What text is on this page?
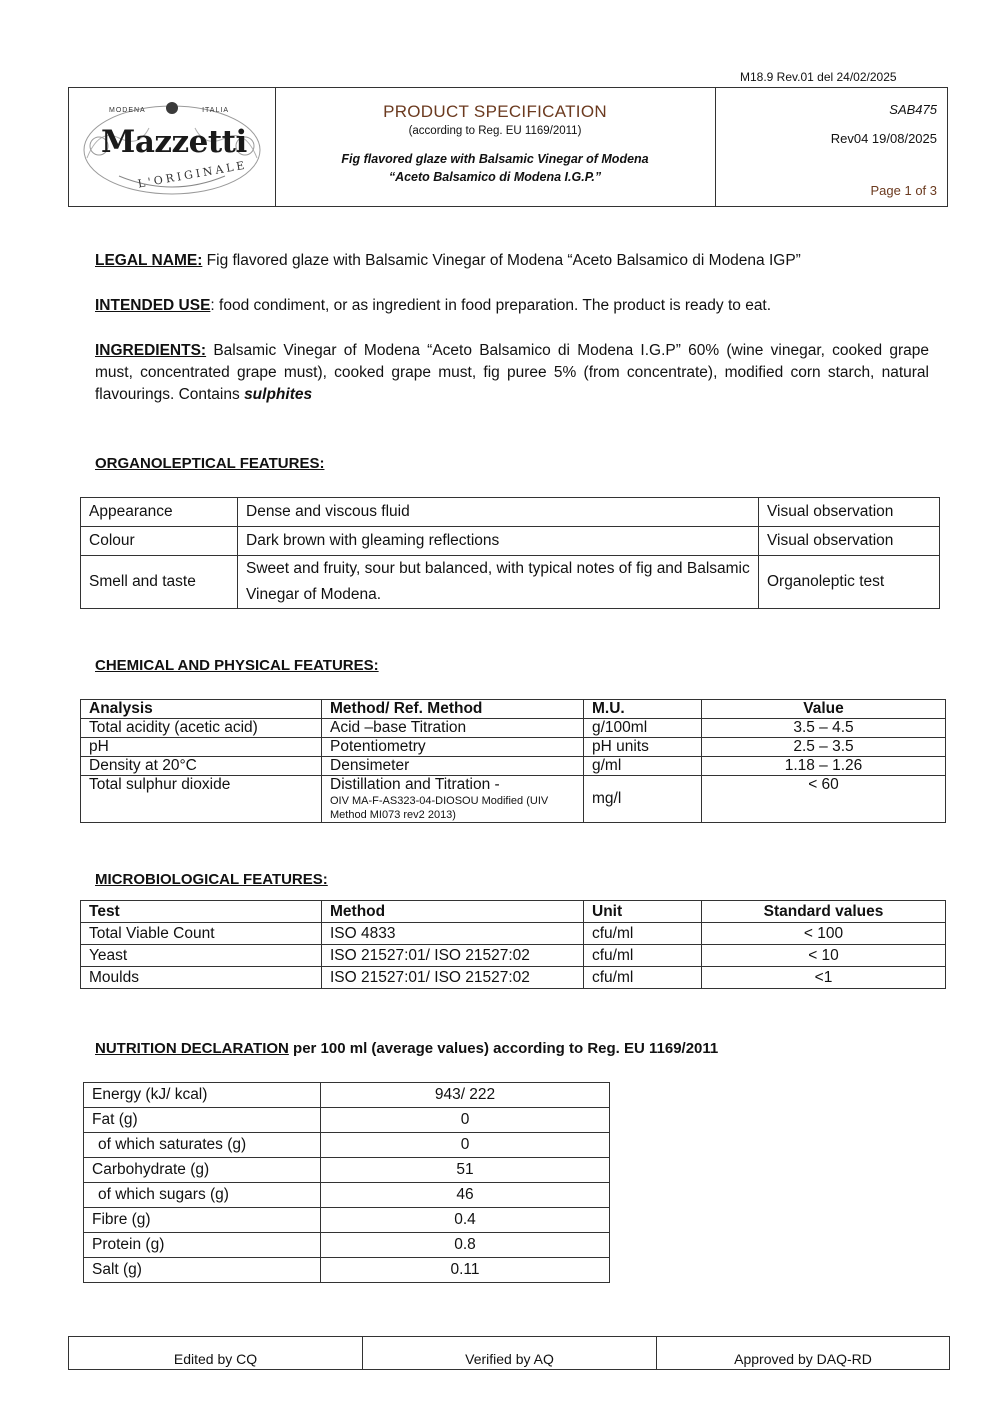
M18.9 Rev.01 del 24/02/2025
MODENA	ITALIA
Mazzetti
L'ORIGINALE
PRODUCT SPECIFICATION
(according to Reg. EU 1169/2011)
Fig flavored glaze with Balsamic Vinegar of Modena
“Aceto Balsamico di Modena I.G.P.”
SAB475
Rev04 19/08/2025
Page 1 of 3
LEGAL NAME: Fig flavored glaze with Balsamic Vinegar of Modena “Aceto Balsamico di Modena IGP”
INTENDED USE: food condiment, or as ingredient in food preparation. The product is ready to eat.
INGREDIENTS: Balsamic Vinegar of Modena “Aceto Balsamico di Modena I.G.P” 60% (wine vinegar, cooked grape must, concentrated grape must), cooked grape must, fig puree 5% (from concentrate), modified corn starch, natural flavourings. Contains sulphites
ORGANOLEPTICAL FEATURES:
Appearance	Dense and viscous fluid	Visual observation
Colour	Dark brown with gleaming reflections	Visual observation
Smell and taste	Sweet and fruity, sour but balanced, with typical notes of fig and Balsamic Vinegar of Modena.	Organoleptic test
CHEMICAL AND PHYSICAL FEATURES:
Analysis	Method/ Ref. Method	M.U.	Value
Total acidity (acetic acid)	Acid –base Titration	g/100ml	3.5 – 4.5
pH	Potentiometry	pH units	2.5 – 3.5
Density at 20°C	Densimeter	g/ml	1.18 – 1.26
Total sulphur dioxide	Distillation and Titration -
OIV MA-F-AS323-04-DIOSOU Modified (UIV Method MI073 rev2 2013)	mg/l	< 60
MICROBIOLOGICAL FEATURES:
Test	Method	Unit	Standard values
Total Viable Count	ISO 4833	cfu/ml	< 100
Yeast	ISO 21527:01/ ISO 21527:02	cfu/ml	< 10
Moulds	ISO 21527:01/ ISO 21527:02	cfu/ml	<1
NUTRITION DECLARATION per 100 ml (average values) according to Reg. EU 1169/2011
Energy (kJ/ kcal)	943/ 222
Fat (g)	0
of which saturates (g)	0
Carbohydrate (g)	51
of which sugars (g)	46
Fibre (g)	0.4
Protein (g)	0.8
Salt (g)	0.11
Edited by CQ	Verified by AQ	Approved by DAQ-RD
